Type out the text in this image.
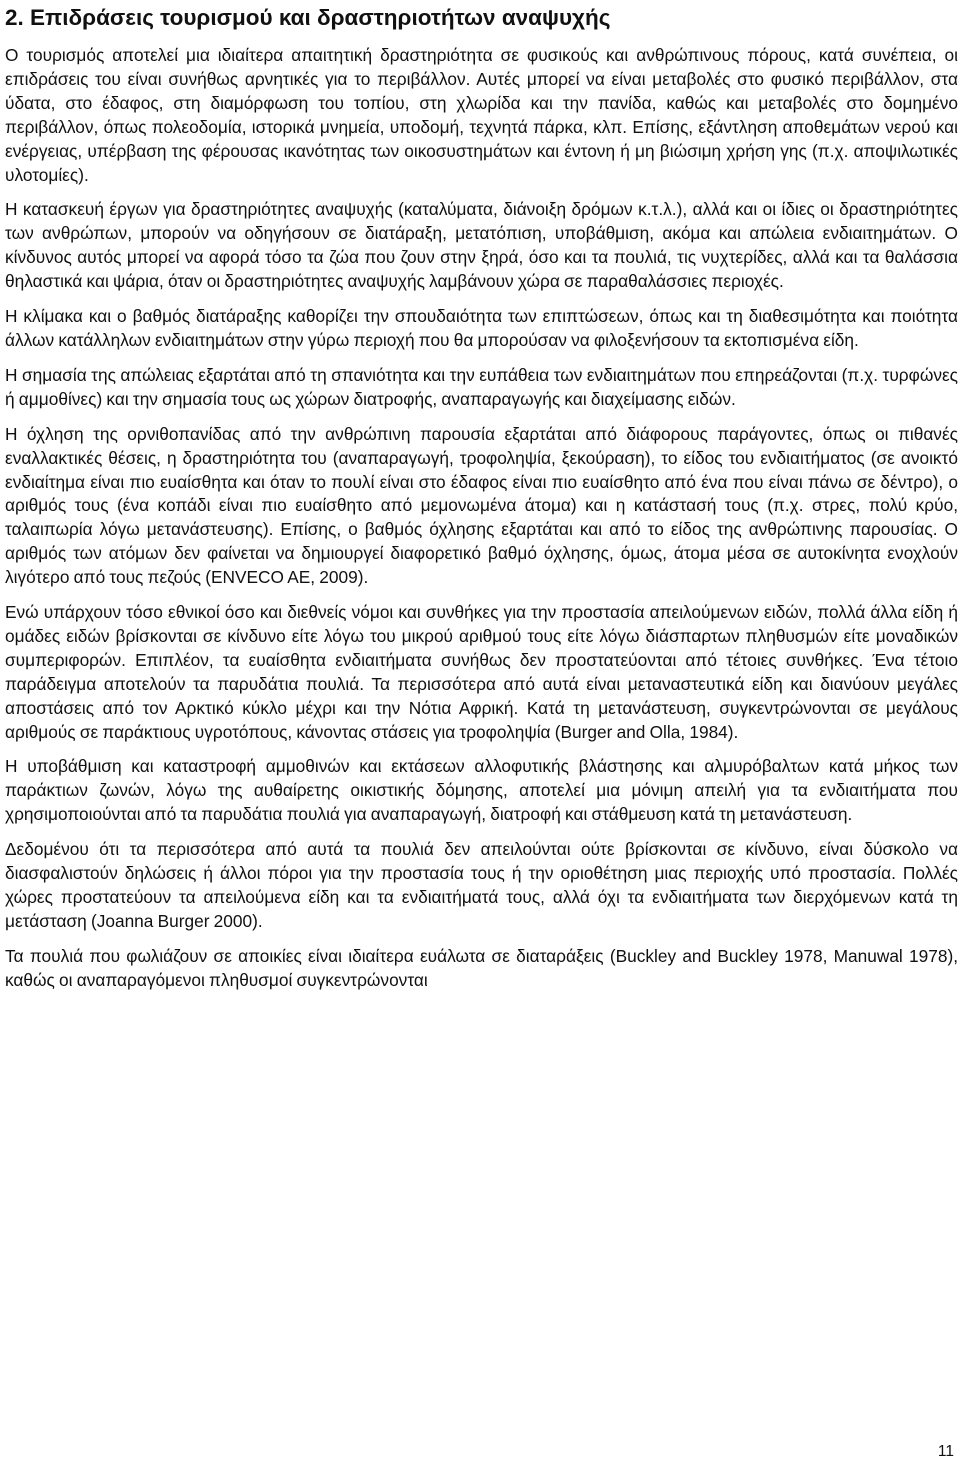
2. Επιδράσεις τουρισμού και δραστηριοτήτων αναψυχής

Ο τουρισμός αποτελεί μια ιδιαίτερα απαιτητική δραστηριότητα σε φυσικούς και ανθρώπινους πόρους, κατά συνέπεια, οι επιδράσεις του είναι συνήθως αρνητικές για το περιβάλλον. Αυτές μπορεί να είναι μεταβολές στο φυσικό περιβάλλον, στα ύδατα, στο έδαφος, στη διαμόρφωση του τοπίου, στη χλωρίδα και την πανίδα, καθώς και μεταβολές στο δομημένο περιβάλλον, όπως πολεοδομία, ιστορικά μνημεία, υποδομή, τεχνητά πάρκα, κλπ. Επίσης, εξάντληση αποθεμάτων νερού και ενέργειας, υπέρβαση της φέρουσας ικανότητας των οικοσυστημάτων και έντονη ή μη βιώσιμη χρήση γης (π.χ. αποψιλωτικές υλοτομίες).

Η κατασκευή έργων για δραστηριότητες αναψυχής (καταλύματα, διάνοιξη δρόμων κ.τ.λ.), αλλά και οι ίδιες οι δραστηριότητες των ανθρώπων, μπορούν να οδηγήσουν σε διατάραξη, μετατόπιση, υποβάθμιση, ακόμα και απώλεια ενδιαιτημάτων. Ο κίνδυνος αυτός μπορεί να αφορά τόσο τα ζώα που ζουν στην ξηρά, όσο και τα πουλιά, τις νυχτερίδες, αλλά και τα θαλάσσια θηλαστικά και ψάρια, όταν οι δραστηριότητες αναψυχής λαμβάνουν χώρα σε παραθαλάσσιες περιοχές.

Η κλίμακα και ο βαθμός διατάραξης καθορίζει την σπουδαιότητα των επιπτώσεων, όπως και τη διαθεσιμότητα και ποιότητα άλλων κατάλληλων ενδιαιτημάτων στην γύρω περιοχή που θα μπορούσαν να φιλοξενήσουν τα εκτοπισμένα είδη.

Η σημασία της απώλειας εξαρτάται από τη σπανιότητα και την ευπάθεια των ενδιαιτημάτων που επηρεάζονται (π.χ. τυρφώνες ή αμμοθίνες) και την σημασία τους ως χώρων διατροφής, αναπαραγωγής και διαχείμασης ειδών.

Η όχληση της ορνιθοπανίδας από την ανθρώπινη παρουσία εξαρτάται από διάφορους παράγοντες, όπως οι πιθανές εναλλακτικές θέσεις, η δραστηριότητα του (αναπαραγωγή, τροφοληψία, ξεκούραση), το είδος του ενδιαιτήματος (σε ανοικτό ενδιαίτημα είναι πιο ευαίσθητα και όταν το πουλί είναι στο έδαφος είναι πιο ευαίσθητο από ένα που είναι πάνω σε δέντρο), ο αριθμός τους (ένα κοπάδι είναι πιο ευαίσθητο από μεμονωμένα άτομα) και η κατάστασή τους (π.χ. στρες, πολύ κρύο, ταλαιπωρία λόγω μετανάστευσης). Επίσης, ο βαθμός όχλησης εξαρτάται και από το είδος της ανθρώπινης παρουσίας. Ο αριθμός των ατόμων δεν φαίνεται να δημιουργεί διαφορετικό βαθμό όχλησης, όμως, άτομα μέσα σε αυτοκίνητα ενοχλούν λιγότερο από τους πεζούς (ENVECO AE, 2009).

Ενώ υπάρχουν τόσο εθνικοί όσο και διεθνείς νόμοι και συνθήκες για την προστασία απειλούμενων ειδών, πολλά άλλα είδη ή ομάδες ειδών βρίσκονται σε κίνδυνο είτε λόγω του μικρού αριθμού τους είτε λόγω διάσπαρτων πληθυσμών είτε μοναδικών συμπεριφορών. Επιπλέον, τα ευαίσθητα ενδιαιτήματα συνήθως δεν προστατεύονται από τέτοιες συνθήκες. Ένα τέτοιο παράδειγμα αποτελούν τα παρυδάτια πουλιά. Τα περισσότερα από αυτά είναι μεταναστευτικά είδη και διανύουν μεγάλες αποστάσεις από τον Αρκτικό κύκλο μέχρι και την Νότια Αφρική. Κατά τη μετανάστευση, συγκεντρώνονται σε μεγάλους αριθμούς σε παράκτιους υγροτόπους, κάνοντας στάσεις για τροφοληψία (Burger and Olla, 1984).

Η υποβάθμιση και καταστροφή αμμοθινών και εκτάσεων αλλοφυτικής βλάστησης και αλμυρόβαλτων κατά μήκος των παράκτιων ζωνών, λόγω της αυθαίρετης οικιστικής δόμησης, αποτελεί μια μόνιμη απειλή για τα ενδιαιτήματα που χρησιμοποιούνται από τα παρυδάτια πουλιά για αναπαραγωγή, διατροφή και στάθμευση κατά τη μετανάστευση.

Δεδομένου ότι τα περισσότερα από αυτά τα πουλιά δεν απειλούνται ούτε βρίσκονται σε κίνδυνο, είναι δύσκολο να διασφαλιστούν δηλώσεις ή άλλοι πόροι για την προστασία τους ή την οριοθέτηση μιας περιοχής υπό προστασία. Πολλές χώρες προστατεύουν τα απειλούμενα είδη και τα ενδιαιτήματά τους, αλλά όχι τα ενδιαιτήματα των διερχόμενων κατά τη μετάσταση (Joanna Burger 2000).

Τα πουλιά που φωλιάζουν σε αποικίες είναι ιδιαίτερα ευάλωτα σε διαταράξεις (Buckley and Buckley 1978, Manuwal 1978), καθώς οι αναπαραγόμενοι πληθυσμοί συγκεντρώνονται

11
